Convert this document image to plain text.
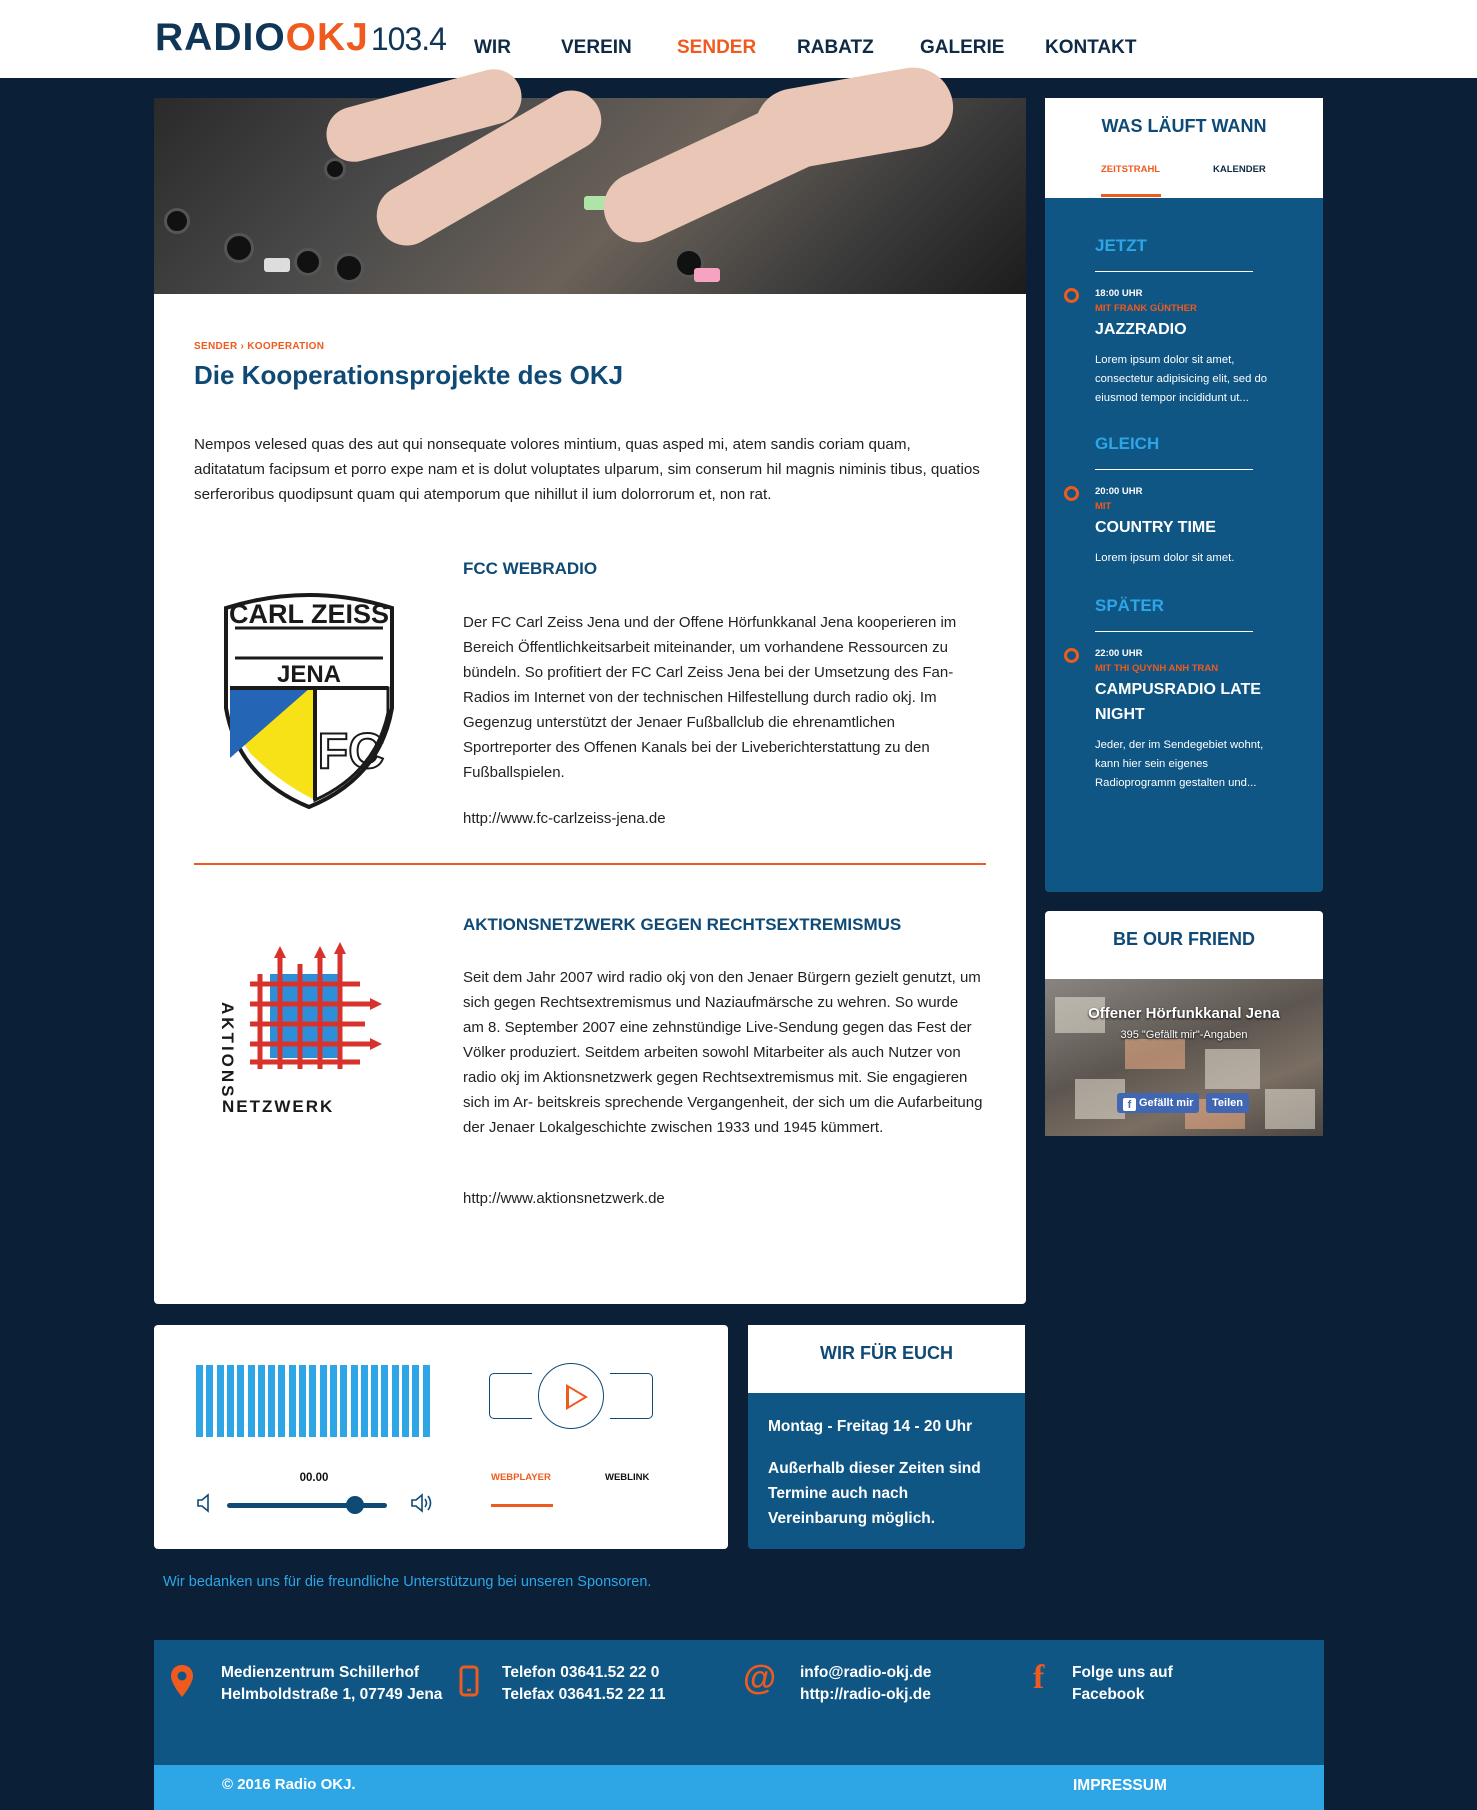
RADIO OKJ 103.4 WIR	VEREIN SENDER RABATZ GALERIE KONTAKT
SENDER › KOOPERATION
Die Kooperationsprojekte des OKJ

Nempos velesed quas des aut qui nonsequate volores mintium, quas asped mi, atem sandis coriam quam, aditatatum facipsum et porro expe nam et is dolut voluptates ulparum, sim conserum hil magnis niminis tibus, quatios serferoribus quodipsunt quam qui atemporum que nihillut il ium dolorrorum et, non rat.

CARL ZEISS
JENA
FC
FCC WEBRADIO

Der FC Carl Zeiss Jena und der Offene Hörfunkkanal Jena kooperieren im Bereich Öffentlichkeitsarbeit miteinander, um vorhandene Ressourcen zu bündeln. So profitiert der FC Carl Zeiss Jena bei der Umsetzung des Fan-Radios im Internet von der technischen Hilfestellung durch radio okj. Im Gegenzug unterstützt der Jenaer Fußballclub die ehrenamtlichen Sportreporter des Offenen Kanals bei der Liveberichterstattung zu den Fußballspielen.

http://www.fc-carlzeiss-jena.de
AKTIONS
NETZWERK
AKTIONSNETZWERK GEGEN RECHTSEXTREMISMUS

Seit dem Jahr 2007 wird radio okj von den Jenaer Bürgern gezielt genutzt, um sich gegen Rechtsextremismus und Naziaufmärsche zu wehren. So wurde am 8. September 2007 eine zehnstündige Live-Sendung gegen das Fest der Völker produziert. Seitdem arbeiten sowohl Mitarbeiter als auch Nutzer von radio okj im Aktionsnetzwerk gegen Rechtsextremismus mit. Sie engagieren sich im Ar- beitskreis sprechende Vergangenheit, der sich um die Aufarbeitung der Jenaer Lokalgeschichte zwischen 1933 und 1945 kümmert.

http://www.aktionsnetzwerk.de
WAS LÄUFT WANN
ZEITSTRAHL	KALENDER
JETZT
18:00 UHR
MIT FRANK GÜNTHER
JAZZRADIO

Lorem ipsum dolor sit amet, consectetur adipisicing elit, sed do eiusmod tempor incididunt ut...

GLEICH
20:00 UHR
MIT
COUNTRY TIME

Lorem ipsum dolor sit amet.

SPÄTER
22:00 UHR
MIT THI QUYNH ANH TRAN
CAMPUSRADIO LATE NIGHT

Jeder, der im Sendegebiet wohnt, kann hier sein eigenes Radioprogramm gestalten und...

BE OUR FRIEND
Offener Hörfunkkanal Jena
395 "Gefällt mir"-Angaben
f Gefällt mir	Teilen
00.00	WEBPLAYER	WEBLINK
WIR FÜR EUCH
Montag - Freitag 14 - 20 Uhr

Außerhalb dieser Zeiten sind Termine auch nach Vereinbarung möglich.

Wir bedanken uns für die freundliche Unterstützung bei unseren Sponsoren.
Medienzentrum Schillerhof
Helmboldstraße 1, 07749 Jena
Telefon 03641.52 22 0
Telefax 03641.52 22 11 @ info@radio-okj.de
http://radio-okj.de	f Folge uns auf
Facebook
© 2016 Radio OKJ.	IMPRESSUM
